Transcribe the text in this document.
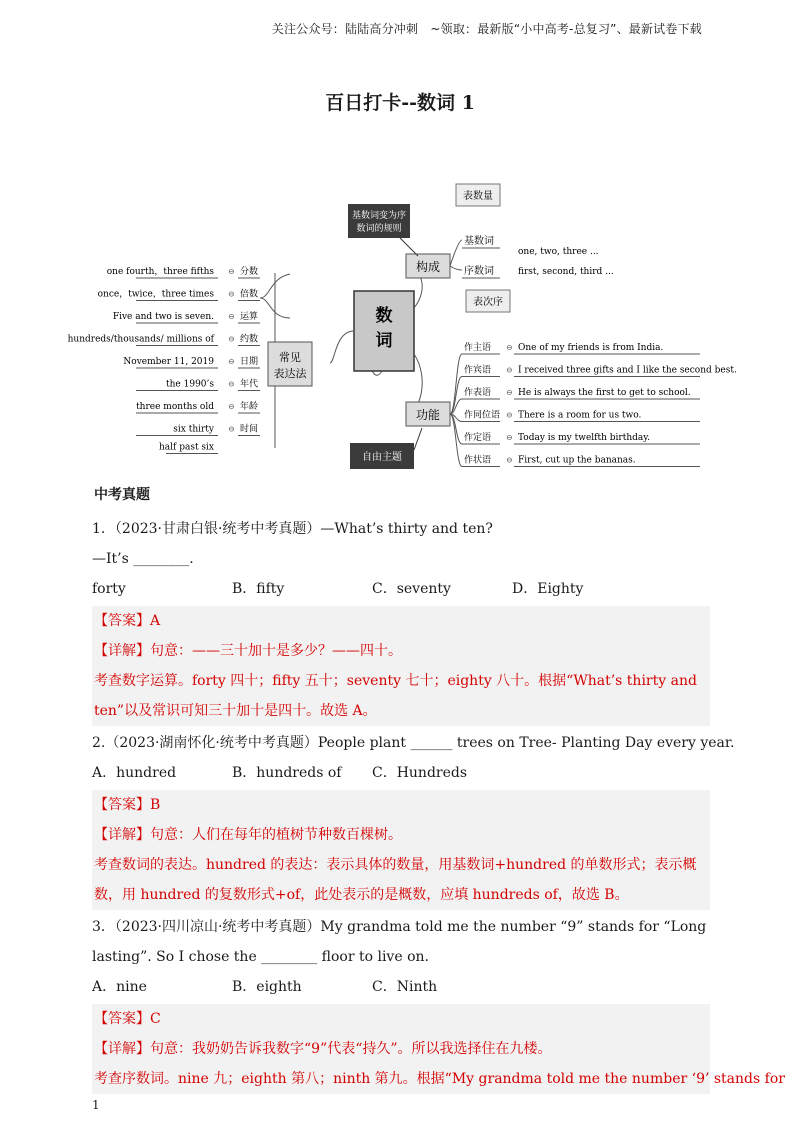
关注公众号：陆陆高分冲刺　~领取：最新版“小中高考-总复习”、最新试卷下载
百日打卡--数词 1
数
词
构成
基数词
序数词
one, two, three ...
first, second, third ...
基数词变为序
数词的规则
表数量
表次序
one fourth，three fifths ⊖ 分数
once，twice，three times ⊖ 倍数
Five and two is seven. ⊖ 运算
hundreds/thousands/ millions of ⊖ 约数
November 11, 2019 ⊖ 日期
the 1990’s ⊖ 年代
three months old ⊖ 年龄
six thirty ⊖ 时间
half past six
常见
表达法
功能
作主语 ⊖ One of my friends is from India.
作宾语 ⊖ I received three gifts and I like the second best.
作表语 ⊖ He is always the first to get to school.
作同位语 ⊖ There is a room for us two.
作定语 ⊖ Today is my twelfth birthday.
作状语 ⊖ First, cut up the bananas.
自由主题
中考真题
1．（2023·甘肃白银·统考中考真题）—What’s thirty and ten?
—It’s ________.
forty	B．fifty	C．seventy	D．Eighty
【答案】A
【详解】句意：——三十加十是多少？——四十。
考查数字运算。forty 四十；fifty 五十；seventy 七十；eighty 八十。根据“What’s thirty and ten”以及常识可知三十加十是四十。故选 A。
2.（2023·湖南怀化·统考中考真题）People plant ______ trees on Tree- Planting Day every year.
A．hundred	B．hundreds of	C．Hundreds
【答案】B
【详解】句意：人们在每年的植树节种数百棵树。
考查数词的表达。hundred 的表达：表示具体的数量，用基数词+hundred 的单数形式；表示概数，用 hundred 的复数形式+of，此处表示的是概数，应填 hundreds of，故选 B。
3．（2023·四川凉山·统考中考真题）My grandma told me the number “9” stands for “Long lasting”. So I chose the ________ floor to live on.
A．nine	B．eighth	C．Ninth
【答案】C
【详解】句意：我奶奶告诉我数字“9”代表“持久”。所以我选择住在九楼。
考查序数词。nine 九；eighth 第八；ninth 第九。根据“My grandma told me the number ‘9’ stands for
1
